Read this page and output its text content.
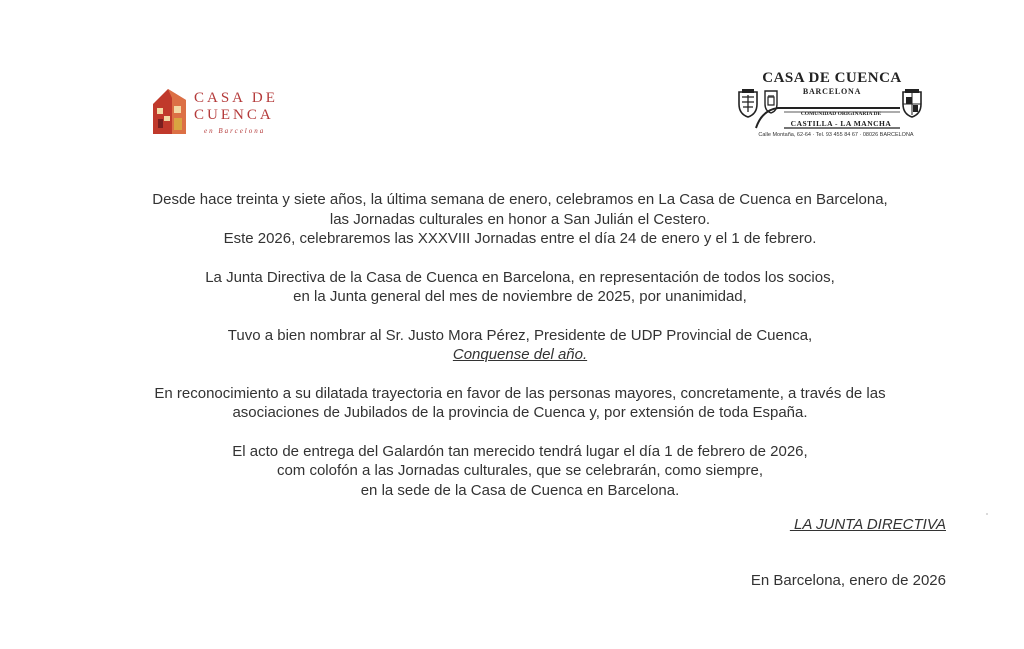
CASA DE
CUENCA
en Barcelona
CASA DE CUENCA
BARCELONA
COMUNIDAD ORIGINARIA DE
CASTILLA - LA MANCHA
Calle Montaña, 62-64 · Tel. 93 455 84 67 · 08026 BARCELONA

Desde hace treinta y siete años, la última semana de enero, celebramos en La Casa de Cuenca en Barcelona,

las Jornadas culturales en honor a San Julián el Cestero.

Este 2026, celebraremos las XXXVIII Jornadas entre el día 24 de enero y el 1 de febrero.

La Junta Directiva de la Casa de Cuenca en Barcelona, en representación de todos los socios,

en la Junta general del mes de noviembre de 2025, por unanimidad,

Tuvo a bien nombrar al Sr. Justo Mora Pérez, Presidente de UDP Provincial de Cuenca,

Conquense del año.

En reconocimiento a su dilatada trayectoria en favor de las personas mayores, concretamente, a través de las

asociaciones de Jubilados de la provincia de Cuenca y, por extensión de toda España.

El acto de entrega del Galardón tan merecido tendrá lugar el día 1 de febrero de 2026,

com colofón a las Jornadas culturales, que se celebrarán, como siempre,

en la sede de la Casa de Cuenca en Barcelona.

LA JUNTA DIRECTIVA
En Barcelona, enero de 2026
